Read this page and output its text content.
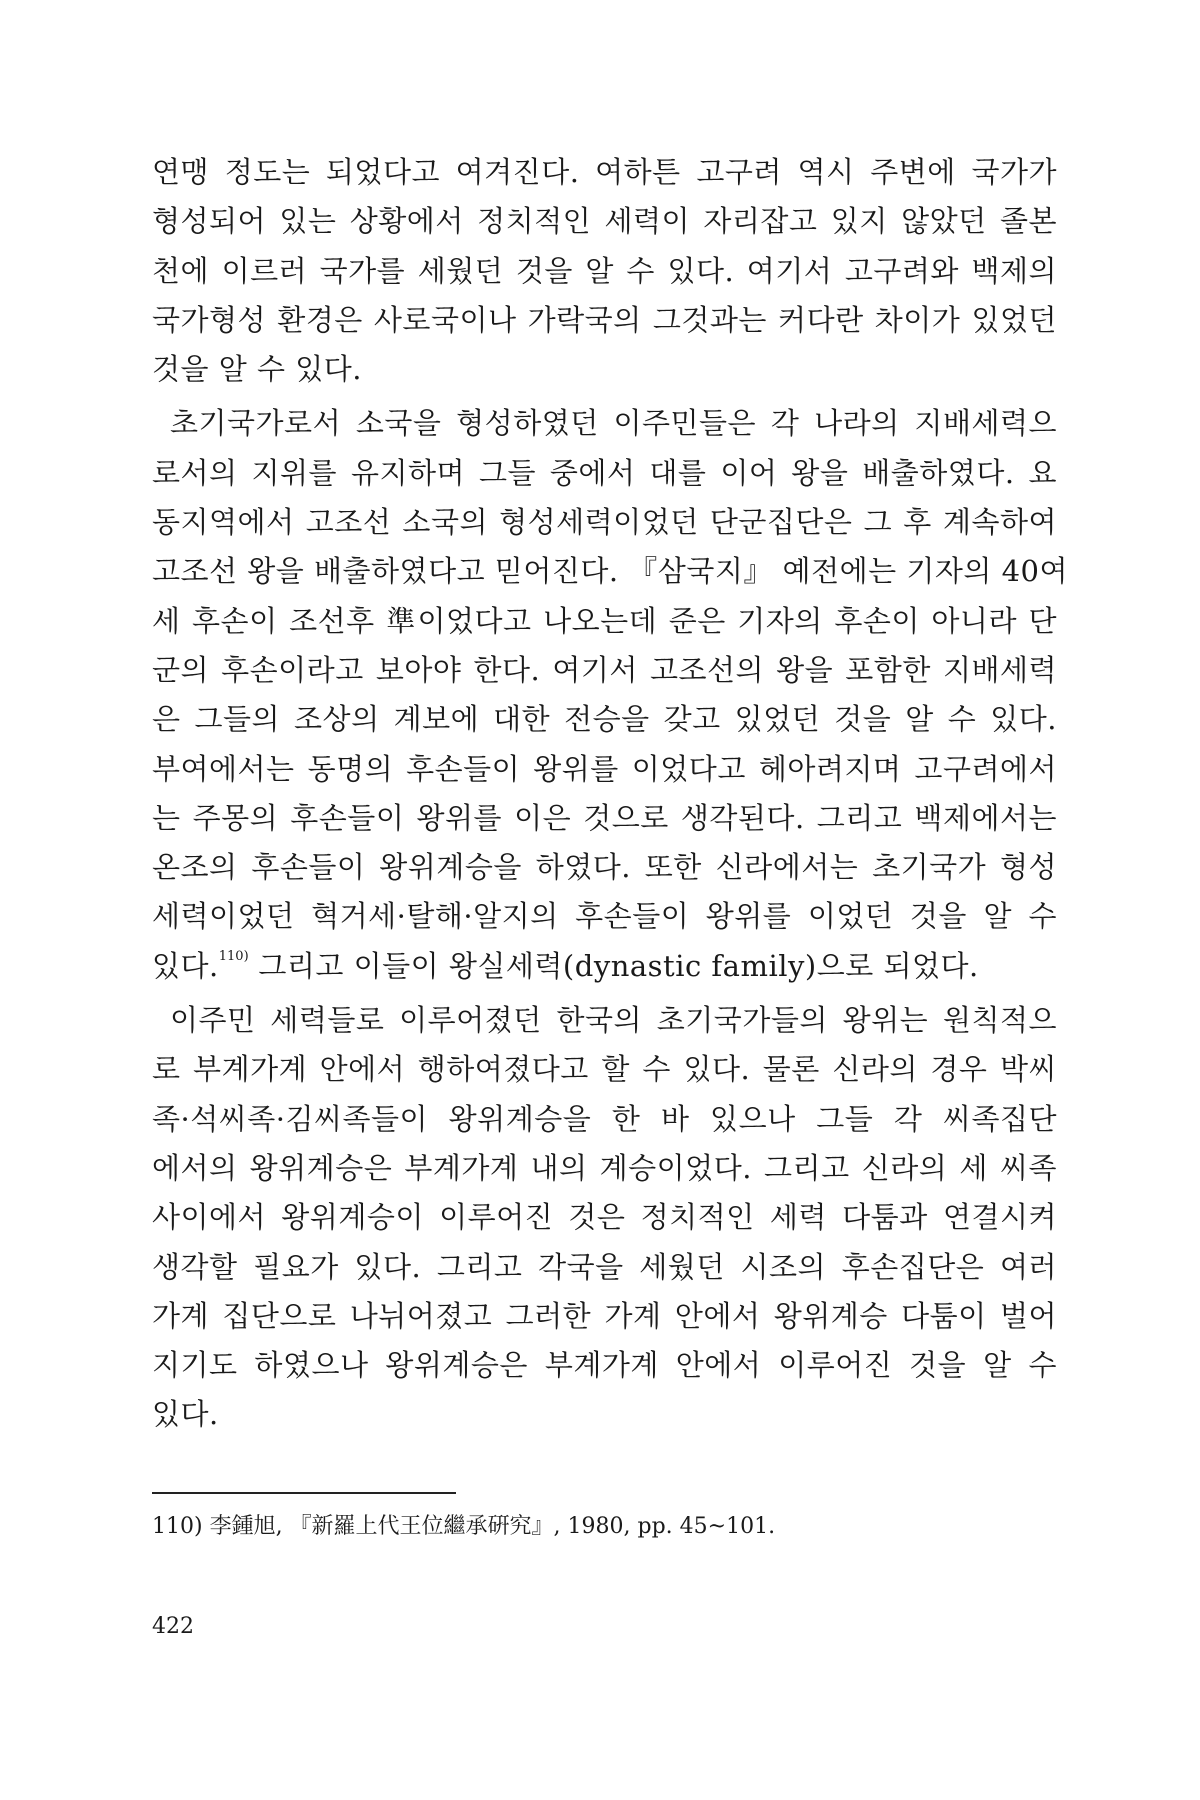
연맹 정도는 되었다고 여겨진다. 여하튼 고구려 역시 주변에 국가가
형성되어 있는 상황에서 정치적인 세력이 자리잡고 있지 않았던 졸본
천에 이르러 국가를 세웠던 것을 알 수 있다. 여기서 고구려와 백제의
국가형성 환경은 사로국이나 가락국의 그것과는 커다란 차이가 있었던
것을 알 수 있다.
초기국가로서 소국을 형성하였던 이주민들은 각 나라의 지배세력으
로서의 지위를 유지하며 그들 중에서 대를 이어 왕을 배출하였다. 요
동지역에서 고조선 소국의 형성세력이었던 단군집단은 그 후 계속하여
고조선 왕을 배출하였다고 믿어진다. 『삼국지』 예전에는 기자의 40여
세 후손이 조선후 準이었다고 나오는데 준은 기자의 후손이 아니라 단
군의 후손이라고 보아야 한다. 여기서 고조선의 왕을 포함한 지배세력
은 그들의 조상의 계보에 대한 전승을 갖고 있었던 것을 알 수 있다.
부여에서는 동명의 후손들이 왕위를 이었다고 헤아려지며 고구려에서
는 주몽의 후손들이 왕위를 이은 것으로 생각된다. 그리고 백제에서는
온조의 후손들이 왕위계승을 하였다. 또한 신라에서는 초기국가 형성
세력이었던 혁거세·탈해·알지의 후손들이 왕위를 이었던 것을 알 수
있다.$^{110)}$ 그리고 이들이 왕실세력(dynastic family)으로 되었다.
이주민 세력들로 이루어졌던 한국의 초기국가들의 왕위는 원칙적으
로 부계가계 안에서 행하여졌다고 할 수 있다. 물론 신라의 경우 박씨
족·석씨족·김씨족들이 왕위계승을 한 바 있으나 그들 각 씨족집단
에서의 왕위계승은 부계가계 내의 계승이었다. 그리고 신라의 세 씨족
사이에서 왕위계승이 이루어진 것은 정치적인 세력 다툼과 연결시켜
생각할 필요가 있다. 그리고 각국을 세웠던 시조의 후손집단은 여러
가계 집단으로 나뉘어졌고 그러한 가계 안에서 왕위계승 다툼이 벌어
지기도 하였으나 왕위계승은 부계가계 안에서 이루어진 것을 알 수
있다.
110) 李鍾旭, 『新羅上代王位繼承硏究』, 1980, pp. 45~101.
422
